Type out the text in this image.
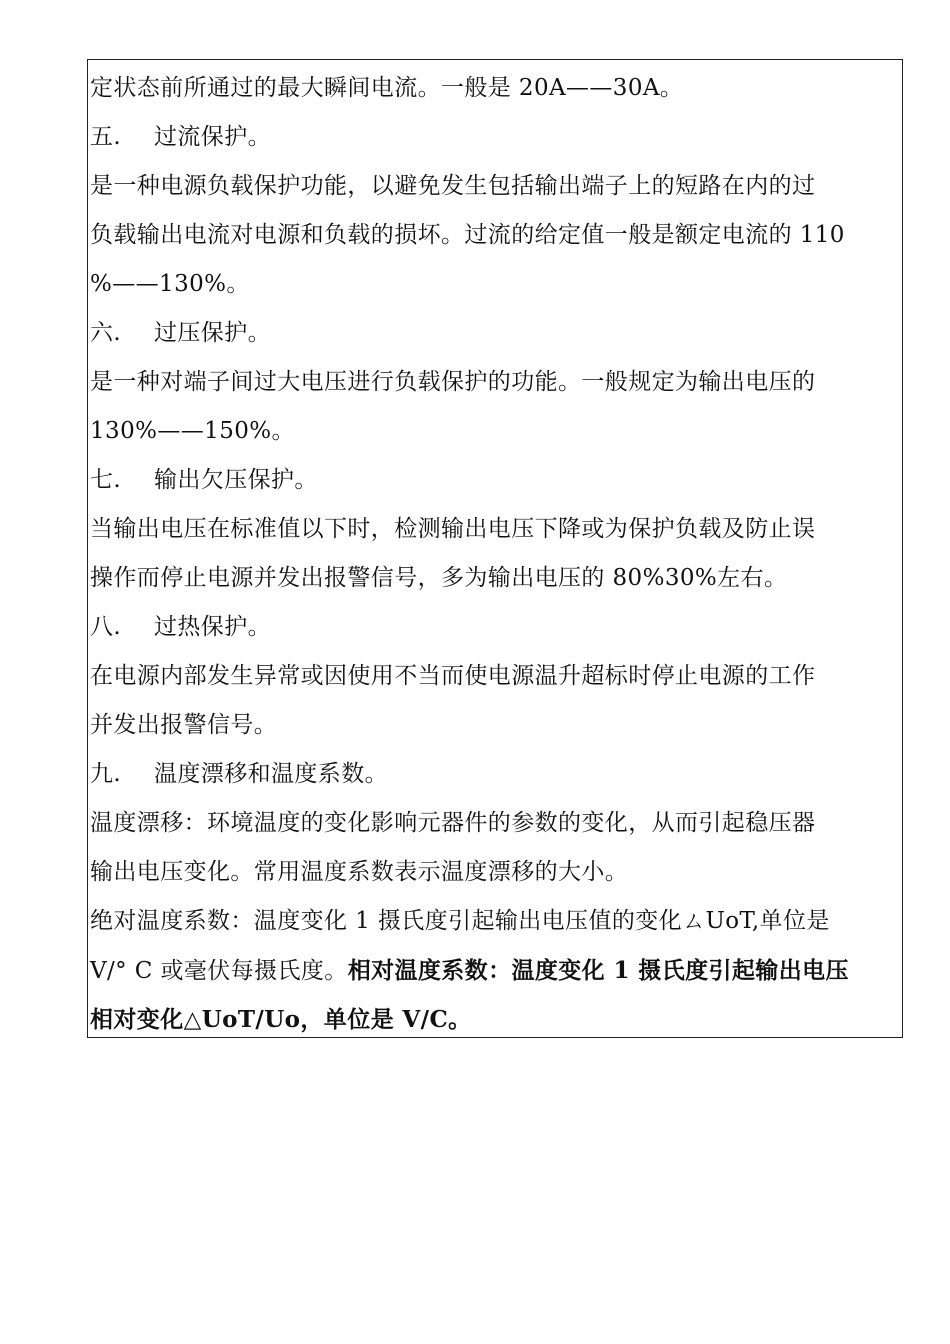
定状态前所通过的最大瞬间电流。一般是 20A——30A。
五. 过流保护。
是一种电源负载保护功能，以避免发生包括输出端子上的短路在内的过
负载输出电流对电源和负载的损坏。过流的给定值一般是额定电流的 110
%——130%。
六. 过压保护。
是一种对端子间过大电压进行负载保护的功能。一般规定为输出电压的
130%——150%。
七. 输出欠压保护。
当输出电压在标准值以下时，检测输出电压下降或为保护负载及防止误
操作而停止电源并发出报警信号，多为输出电压的 80%30%左右。
八. 过热保护。
在电源内部发生异常或因使用不当而使电源温升超标时停止电源的工作
并发出报警信号。
九. 温度漂移和温度系数。
温度漂移：环境温度的变化影响元器件的参数的变化，从而引起稳压器
输出电压变化。常用温度系数表示温度漂移的大小。
绝对温度系数：温度变化 1 摄氏度引起输出电压值的变化ㄙUoT,单位是
V/° C 或毫伏每摄氏度。相对温度系数：温度变化 1 摄氏度引起输出电压
相对变化△UoT/Uo，单位是 V/C。
